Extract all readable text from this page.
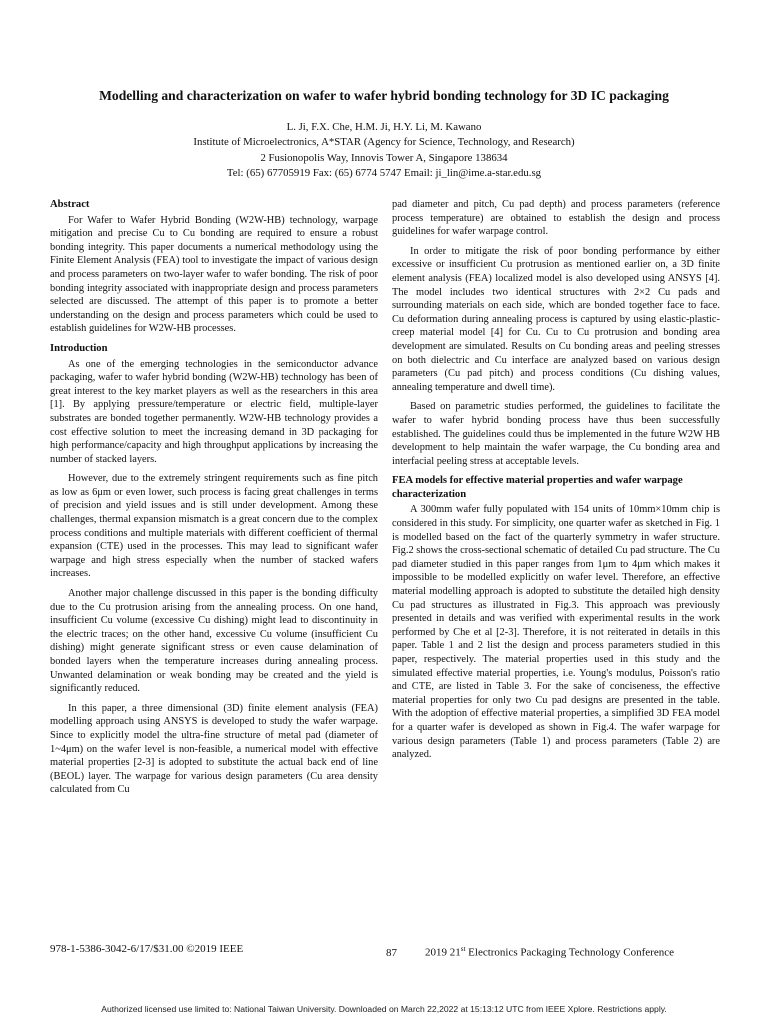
Modelling and characterization on wafer to wafer hybrid bonding technology for 3D IC packaging
L. Ji, F.X. Che, H.M. Ji, H.Y. Li, M. Kawano
Institute of Microelectronics, A*STAR (Agency for Science, Technology, and Research)
2 Fusionopolis Way, Innovis Tower A, Singapore 138634
Tel: (65) 67705919 Fax: (65) 6774 5747 Email: ji_lin@ime.a-star.edu.sg
Abstract

For Wafer to Wafer Hybrid Bonding (W2W-HB) technology, warpage mitigation and precise Cu to Cu bonding are required to ensure a robust bonding integrity. This paper documents a numerical methodology using the Finite Element Analysis (FEA) tool to investigate the impact of various design and process parameters on two-layer wafer to wafer bonding. The risk of poor bonding integrity associated with inappropriate design and process parameters selected are discussed. The attempt of this paper is to promote a better understanding on the design and process parameters which could be used to establish guidelines for W2W-HB processes.

Introduction

As one of the emerging technologies in the semiconductor advance packaging, wafer to wafer hybrid bonding (W2W-HB) technology has been of great interest to the key market players as well as the researchers in this area [1]. By applying pressure/temperature or electric field, multiple-layer substrates are bonded together permanently. W2W-HB technology provides a cost effective solution to meet the increasing demand in 3D packaging for high performance/capacity and high throughput applications by increasing the number of stacked layers.

However, due to the extremely stringent requirements such as fine pitch as low as 6μm or even lower, such process is facing great challenges in terms of precision and yield issues and is still under development. Among these challenges, thermal expansion mismatch is a great concern due to the complex process conditions and multiple materials with different coefficient of thermal expansion (CTE) used in the processes. This may lead to significant wafer warpage and high stress especially when the number of stacked wafers increases.

Another major challenge discussed in this paper is the bonding difficulty due to the Cu protrusion arising from the annealing process. On one hand, insufficient Cu volume (excessive Cu dishing) might lead to discontinuity in the electric traces; on the other hand, excessive Cu volume (insufficient Cu dishing) might generate significant stress or even cause delamination of bonded layers when the temperature increases during annealing process. Unwanted delamination or weak bonding may be created and the yield is significantly reduced.

In this paper, a three dimensional (3D) finite element analysis (FEA) modelling approach using ANSYS is developed to study the wafer warpage. Since to explicitly model the ultra-fine structure of metal pad (diameter of 1~4μm) on the wafer level is non-feasible, a numerical model with effective material properties [2-3] is adopted to substitute the actual back end of line (BEOL) layer. The warpage for various design parameters (Cu area density calculated from Cu

pad diameter and pitch, Cu pad depth) and process parameters (reference process temperature) are obtained to establish the design and process guidelines for wafer warpage control.

In order to mitigate the risk of poor bonding performance by either excessive or insufficient Cu protrusion as mentioned earlier on, a 3D finite element analysis (FEA) localized model is also developed using ANSYS [4]. The model includes two identical structures with 2×2 Cu pads and surrounding materials on each side, which are bonded together face to face. Cu deformation during annealing process is captured by using elastic-plastic-creep material model [4] for Cu. Cu to Cu protrusion and bonding area development are simulated. Results on Cu bonding areas and peeling stresses on both dielectric and Cu interface are analyzed based on various design parameters (Cu pad pitch) and process conditions (Cu dishing values, annealing temperature and dwell time).

Based on parametric studies performed, the guidelines to facilitate the wafer to wafer hybrid bonding process have thus been successfully established. The guidelines could thus be implemented in the future W2W HB development to help maintain the wafer warpage, the Cu bonding area and interfacial peeling stress at acceptable levels.

FEA models for effective material properties and wafer warpage characterization

A 300mm wafer fully populated with 154 units of 10mm×10mm chip is considered in this study. For simplicity, one quarter wafer as sketched in Fig. 1 is modelled based on the fact of the quarterly symmetry in wafer structure. Fig.2 shows the cross-sectional schematic of detailed Cu pad structure. The Cu pad diameter studied in this paper ranges from 1μm to 4μm which makes it impossible to be modelled explicitly on wafer level. Therefore, an effective material modelling approach is adopted to substitute the detailed high density Cu pad structures as illustrated in Fig.3. This approach was previously presented in details and was verified with experimental results in the work performed by Che et al [2-3]. Therefore, it is not reiterated in details in this paper. Table 1 and 2 list the design and process parameters studied in this paper, respectively. The material properties used in this study and the simulated effective material properties, i.e. Young's modulus, Poisson's ratio and CTE, are listed in Table 3. For the sake of conciseness, the effective material properties for only two Cu pad designs are presented in the table. With the adoption of effective material properties, a simplified 3D FEA model for a quarter wafer is developed as shown in Fig.4. The wafer warpage for various design parameters (Table 1) and process parameters (Table 2) are analyzed.

978-1-5386-3042-6/17/$31.00 ©2019 IEEE	87	2019 21st Electronics Packaging Technology Conference
Authorized licensed use limited to: National Taiwan University. Downloaded on March 22,2022 at 15:13:12 UTC from IEEE Xplore. Restrictions apply.
